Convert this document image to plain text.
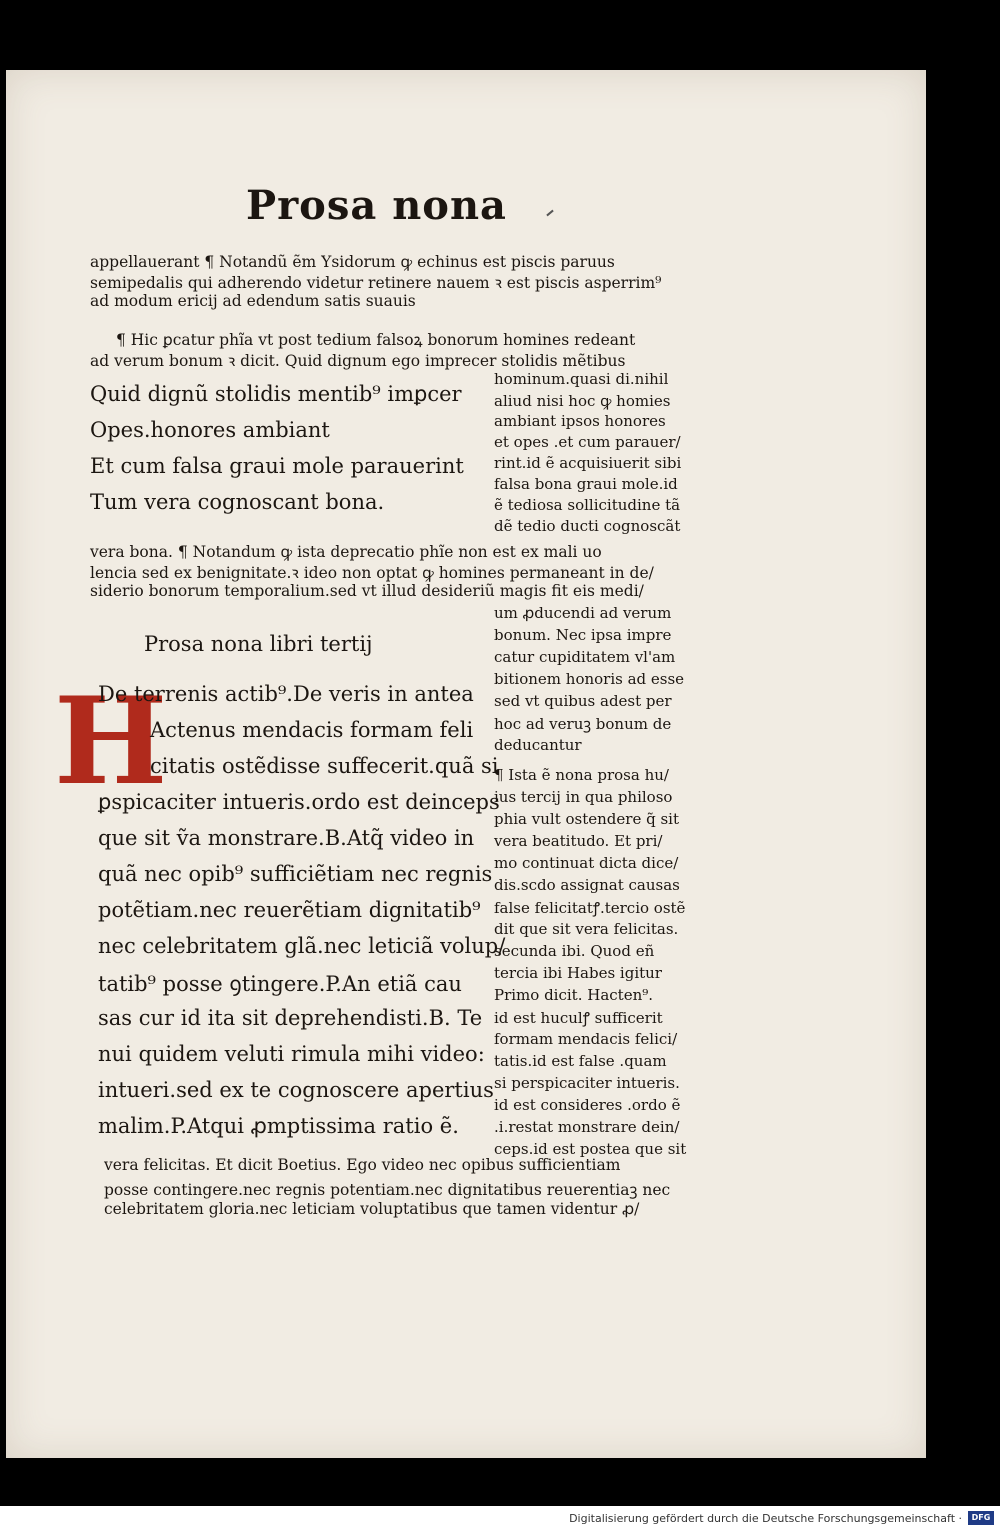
Prosa nona
appellauerant ¶ Notandũ ẽm Ysidorum ꝙ echinus est piscis paruus
semipedalis qui adherendo videtur retinere nauem ꝛ est piscis asperrim⁹
ad modum ericij ad edendum satis suauis
¶ Hic ꝑcatur phĩa vt post tedium falsoꝝ bonorum homines redeant
ad verum bonum ꝛ dicit. Quid dignum ego imprecer stolidis mẽtibus
Quid dignũ stolidis mentib⁹ imꝑcer
Opes.honores ambiant
Et cum falsa graui mole parauerint
Tum vera cognoscant bona.
hominum.quasi di.nihil
aliud nisi hoc ꝙ homies
ambiant ipsos honores
et opes .et cum parauer/
rint.id ẽ acquisiuerit sibi
falsa bona graui mole.id
ẽ tediosa sollicitudine tã
dẽ tedio ducti cognoscãt
vera bona. ¶ Notandum ꝙ ista deprecatio phĩe non est ex mali uo
lencia sed ex benignitate.ꝛ ideo non optat ꝙ homines permaneant in de/
siderio bonorum temporalium.sed vt illud desideriũ magis fit eis medi/
Prosa nona libri tertij
H
De terrenis actib⁹.De veris in antea
Actenus mendacis formam feli
citatis ostẽdisse suffecerit.quã si
ꝑspicaciter intueris.ordo est deinceps
que sit ṽa monstrare.B.Atq̃ video in
quã nec opib⁹ sufficiẽtiam nec regnis
potẽtiam.nec reuerẽtiam dignitatib⁹
nec celebritatem glã.nec leticiã volup/
tatib⁹ posse ꝯtingere.P.An etiã cau
sas cur id ita sit deprehendisti.B. Te
nui quidem veluti rimula mihi video:
intueri.sed ex te cognoscere apertius
malim.P.Atqui ꝓmptissima ratio ẽ.
um ꝓducendi ad verum
bonum. Nec ipsa impre
catur cupiditatem vl'am
bitionem honoris ad esse
sed vt quibus adest per
hoc ad veruꝫ bonum de
deducantur
¶ Ista ẽ nona prosa hu/
ius tercij in qua philoso
phia vult ostendere q̃ sit
vera beatitudo. Et pri/
mo continuat dicta dice/
dis.scdo assignat causas
false felicitatꝭ.tercio ostẽ
dit que sit vera felicitas.
secunda ibi. Quod eñ
tercia ibi Habes igitur
Primo dicit. Hacten⁹.
id est huculꝭ sufficerit
formam mendacis felici/
tatis.id est false .quam
si perspicaciter intueris.
id est consideres .ordo ẽ
.i.restat monstrare dein/
ceps.id est postea que sit
vera felicitas. Et dicit Boetius. Ego video nec opibus sufficientiam
posse contingere.nec regnis potentiam.nec dignitatibus reuerentiaꝫ nec
celebritatem gloria.nec leticiam voluptatibus que tamen videntur ꝓ/
Digitalisierung gefördert durch die Deutsche Forschungsgemeinschaft ·	DFG
